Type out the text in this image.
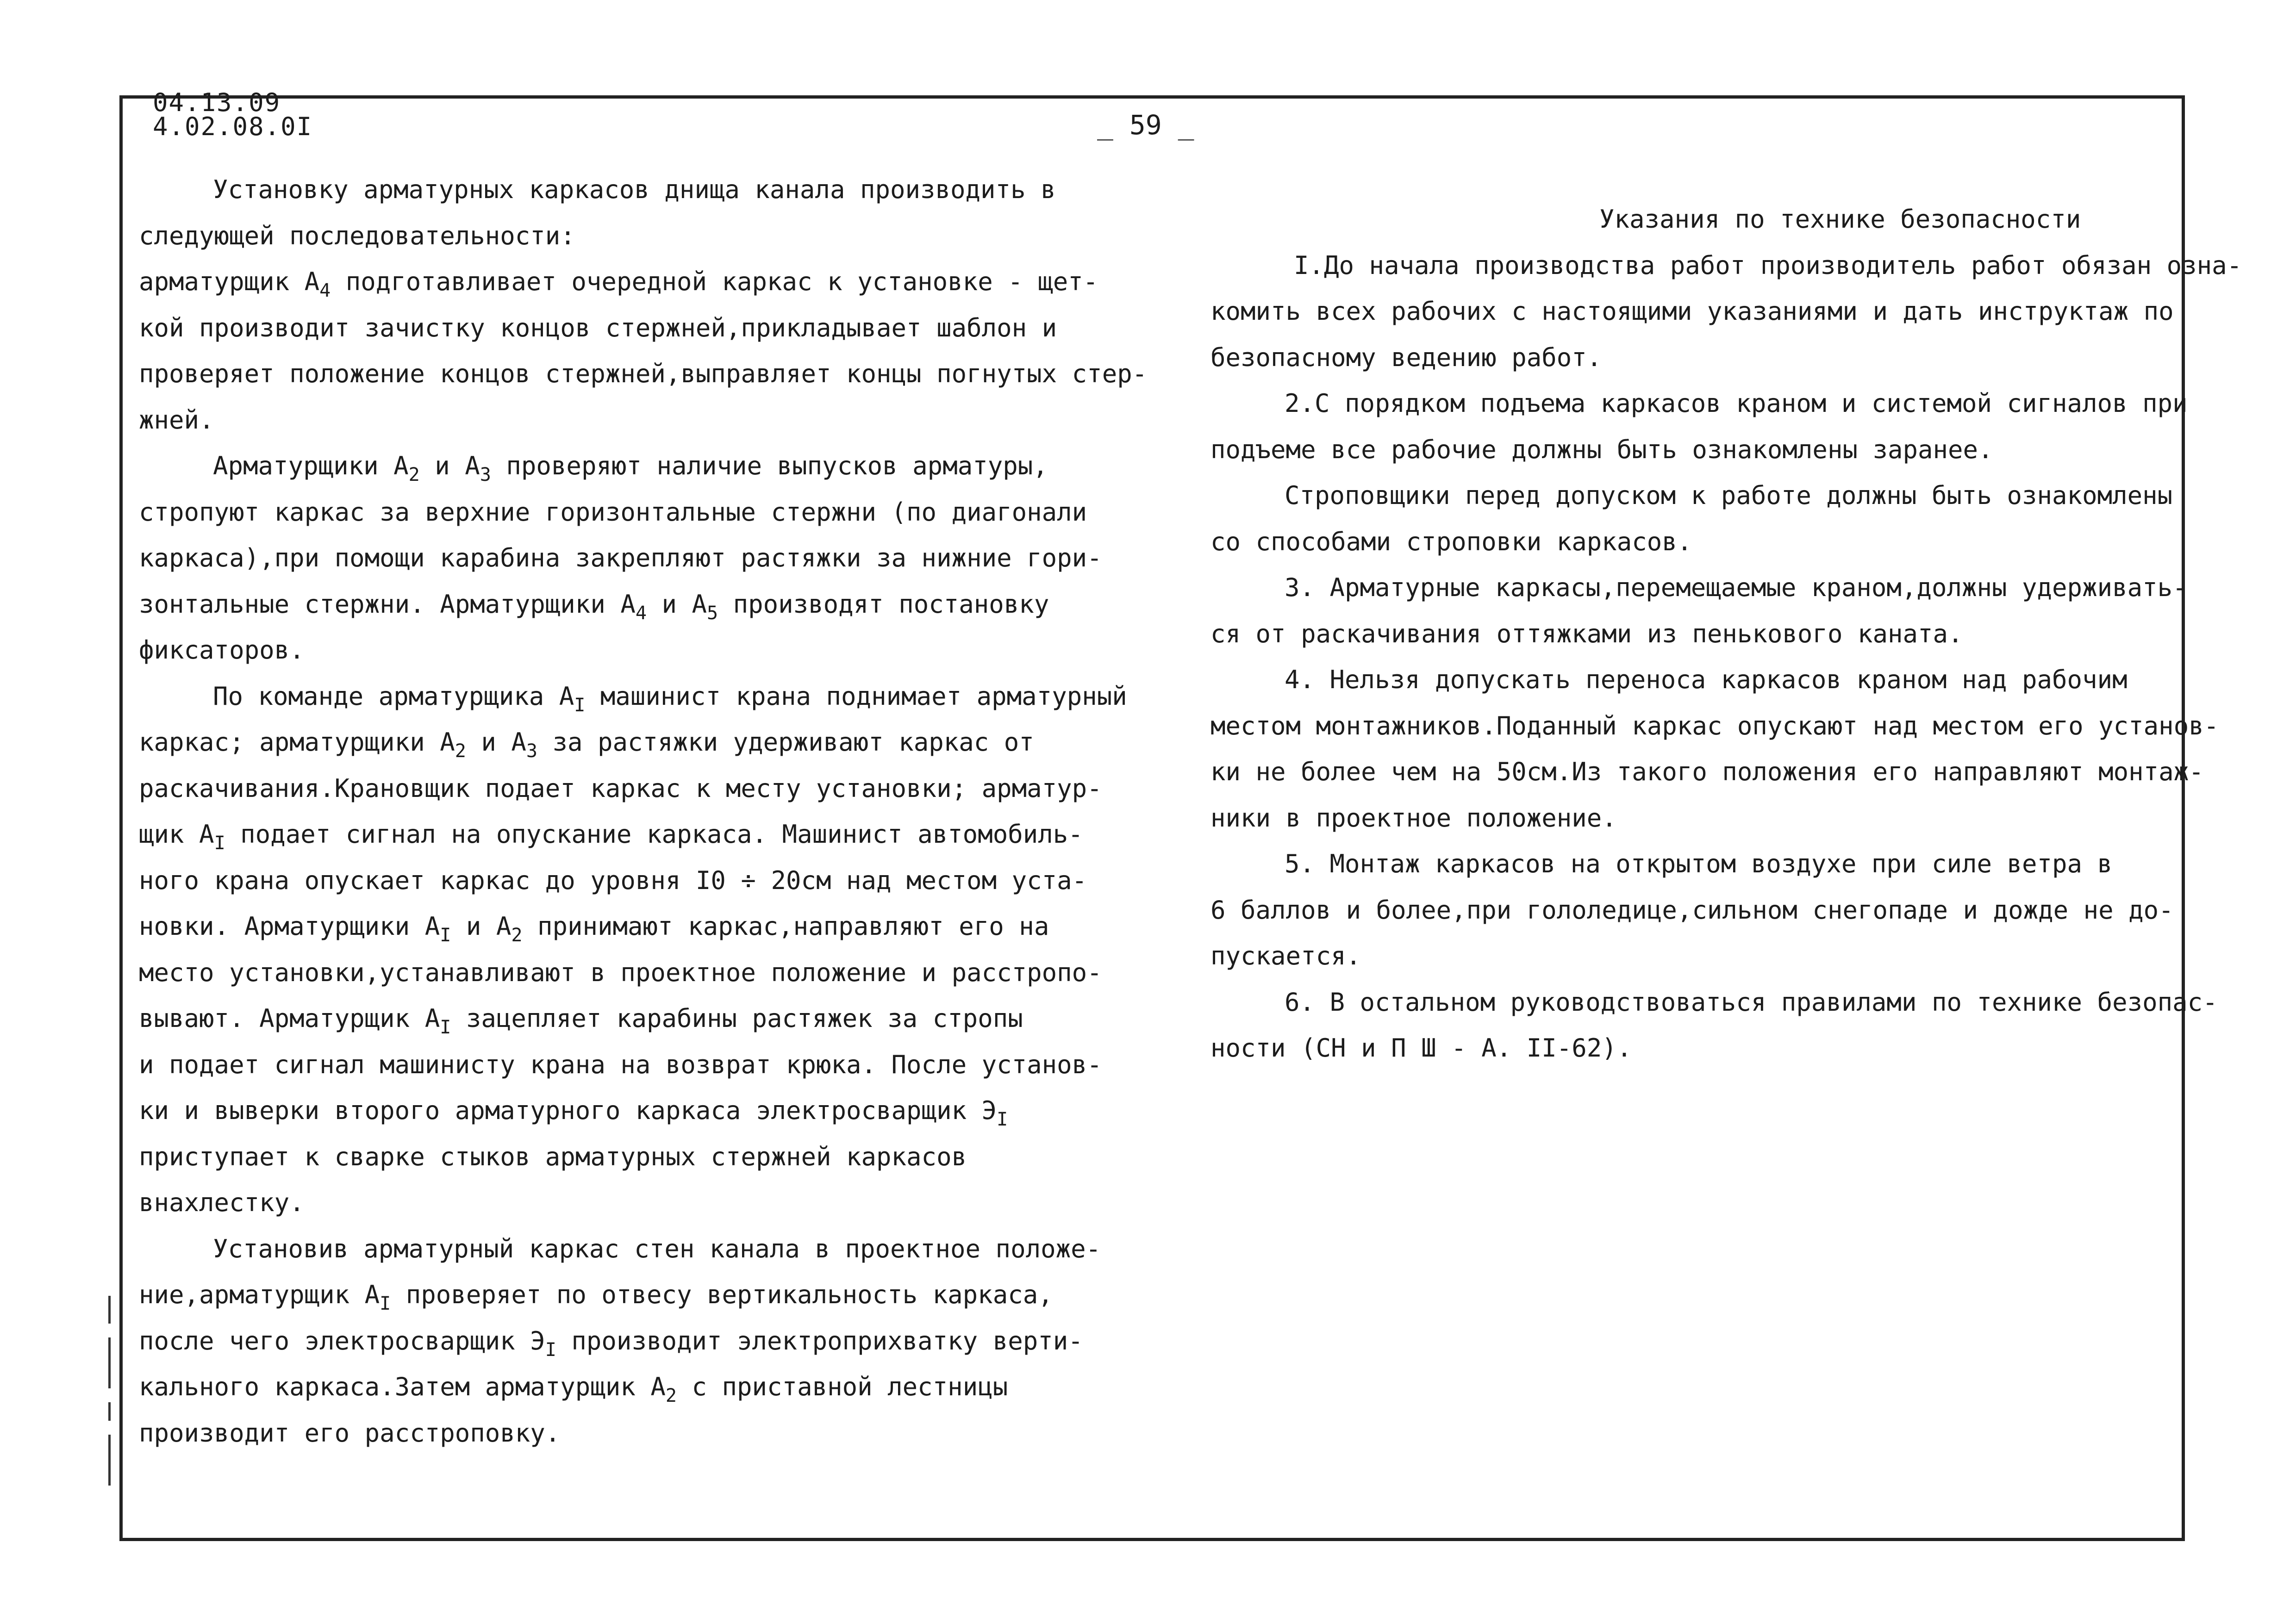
04.13.09
4.02.08.0I	_ 59 _
Установку арматурных каркасов днища канала производить в
следующей последовательности:
арматурщик $А_4$ подготавливает очередной каркас к установке - щет-
кой производит зачистку концов стержней,прикладывает шаблон и
проверяет положение концов стержней,выправляет концы погнутых стер-
жней.
Арматурщики $А_2$ и $А_3$ проверяют наличие выпусков арматуры,
стропуют каркас за верхние горизонтальные стержни (по диагонали
каркаса),при помощи карабина закрепляют растяжки за нижние гори-
зонтальные стержни. Арматурщики $А_4$ и $А_5$ производят постановку
фиксаторов.
По команде арматурщика $А_I$ машинист крана поднимает арматурный
каркас; арматурщики $А_2$ и $А_3$ за растяжки удерживают каркас от
раскачивания.Крановщик подает каркас к месту установки; арматур-
щик $А_I$ подает сигнал на опускание каркаса. Машинист автомобиль-
ного крана опускает каркас до уровня I0 ÷ 20см над местом уста-
новки. Арматурщики $А_I$ и $А_2$ принимают каркас,направляют его на
место установки,устанавливают в проектное положение и расстропо-
вывают. Арматурщик $А_I$ зацепляет карабины растяжек за стропы
и подает сигнал машинисту крана на возврат крюка. После установ-
ки и выверки второго арматурного каркаса электросварщик $Э_I$
приступает к сварке стыков арматурных стержней каркасов
внахлестку.
Установив арматурный каркас стен канала в проектное положе-
ние,арматурщик $А_I$ проверяет по отвесу вертикальность каркаса,
после чего электросварщик $Э_I$ производит электроприхватку верти-
кального каркаса.Затем арматурщик $А_2$ с приставной лестницы
производит его расстроповку.
Указания по технике безопасности
I.До начала производства работ производитель работ обязан озна-
комить всех рабочих с настоящими указаниями и дать инструктаж по
безопасному ведению работ.
2.С порядком подъема каркасов краном и системой сигналов при
подъеме все рабочие должны быть ознакомлены заранее.
Строповщики перед допуском к работе должны быть ознакомлены
со способами строповки каркасов.
3. Арматурные каркасы,перемещаемые краном,должны удерживать-
ся от раскачивания оттяжками из пенькового каната.
4. Нельзя допускать переноса каркасов краном над рабочим
местом монтажников.Поданный каркас опускают над местом его установ-
ки не более чем на 50см.Из такого положения его направляют монтаж-
ники в проектное положение.
5. Монтаж каркасов на открытом воздухе при силе ветра в
6 баллов и более,при гололедице,сильном снегопаде и дожде не до-
пускается.
6. В остальном руководствоваться правилами по технике безопас-
ности (СН и П Ш - А. II-62).
